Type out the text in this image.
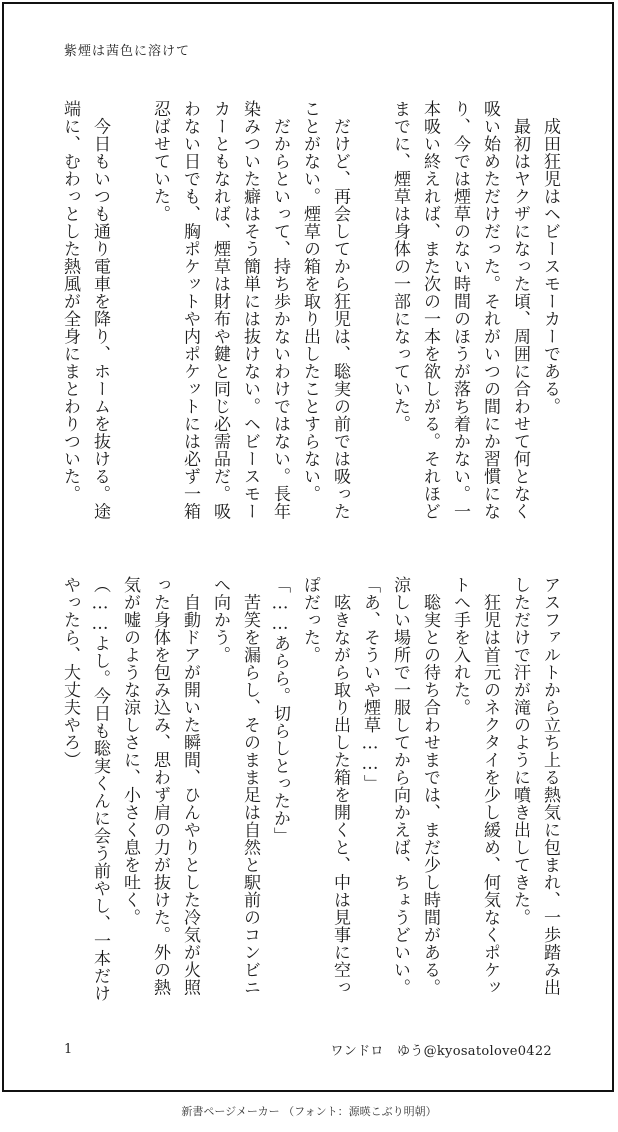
紫煙は茜色に溶けて

　成田狂児はヘビースモーカーである。

　最初はヤクザになった頃、周囲に合わせて何となく吸い始めただけだった。それがいつの間にか習慣になり、今では煙草のない時間のほうが落ち着かない。一本吸い終えれば、また次の一本を欲しがる。それほどまでに、煙草は身体の一部になっていた。

　だけど、再会してから狂児は、聡実の前では吸ったことがない。煙草の箱を取り出したことすらない。

　だからといって、持ち歩かないわけではない。長年染みついた癖はそう簡単には抜けない。ヘビースモーカーともなれば、煙草は財布や鍵と同じ必需品だ。吸わない日でも、胸ポケットや内ポケットには必ず一箱忍ばせていた。

　今日もいつも通り電車を降り、ホームを抜ける。途端に、むわっとした熱風が全身にまとわりついた。

アスファルトから立ち上る熱気に包まれ、一歩踏み出しただけで汗が滝のように噴き出してきた。

　狂児は首元のネクタイを少し緩め、何気なくポケットへ手を入れた。

　聡実との待ち合わせまでは、まだ少し時間がある。涼しい場所で一服してから向かえば、ちょうどいい。

「あ、そういや煙草……」

　呟きながら取り出した箱を開くと、中は見事に空っぽだった。

「……あらら。切らしとったか」

　苦笑を漏らし、そのまま足は自然と駅前のコンビニへ向かう。

　自動ドアが開いた瞬間、ひんやりとした冷気が火照った身体を包み込み、思わず肩の力が抜けた。外の熱気が嘘のような涼しさに、小さく息を吐く。

（……よし。今日も聡実くんに会う前やし、一本だけやったら、大丈夫やろ）

1	ワンドロ　ゆう@kyosatolove0422
新書ページメーカー （フォント：源暎こぶり明朝）
